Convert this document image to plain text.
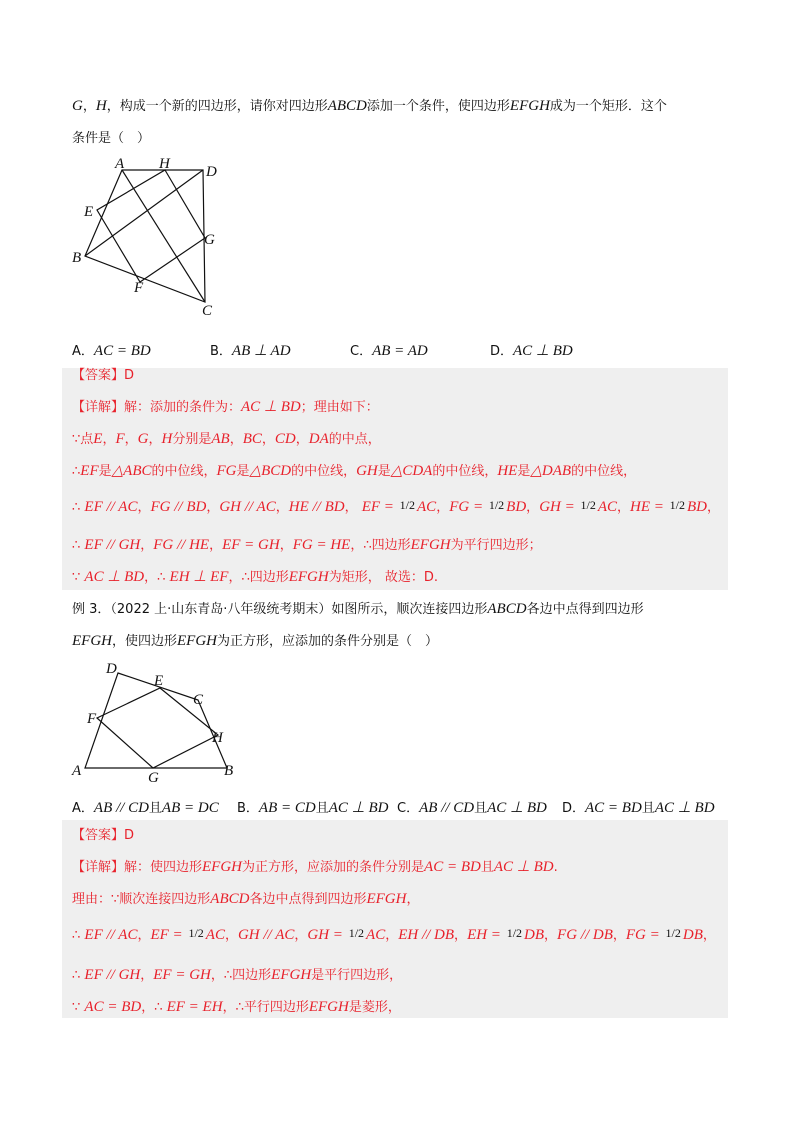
G，H，构成一个新的四边形，请你对四边形ABCD添加一个条件，使四边形EFGH成为一个矩形．这个
条件是（　）
A H D
E
G
B
F
C
A．AC = BD	B．AB ⊥ AD	C．AB = AD	D．AC ⊥ BD
【答案】D
【详解】解：添加的条件为：AC ⊥ BD；理由如下：
∵点E，F，G，H分别是AB，BC，CD，DA的中点，
∴EF是△ABC的中位线，FG是△BCD的中位线，GH是△CDA的中位线，HE是△DAB的中位线，
∴ EF // AC，FG // BD，GH // AC，HE // BD， EF = 1/2 AC，FG = 1/2 BD，GH = 1/2 AC，HE = 1/2 BD，
∴ EF // GH，FG // HE，EF = GH，FG = HE，∴四边形EFGH为平行四边形；
∵ AC ⊥ BD，∴ EH ⊥ EF，∴四边形EFGH为矩形， 故选：D.
例 3．（2022 上·山东青岛·八年级统考期末）如图所示，顺次连接四边形ABCD各边中点得到四边形
EFGH，使四边形EFGH为正方形，应添加的条件分别是（　）
D
E
C
F
H
A	G	B
A．AB // CD且AB = DC B．AB = CD且AC ⊥ BD C．AB // CD且AC ⊥ BD D．AC = BD且AC ⊥ BD
【答案】D
【详解】解：使四边形EFGH为正方形，应添加的条件分别是AC = BD且AC ⊥ BD.
理由：∵顺次连接四边形ABCD各边中点得到四边形EFGH，
∴ EF // AC，EF = 1/2 AC，GH // AC，GH = 1/2 AC，EH // DB，EH = 1/2 DB，FG // DB，FG = 1/2 DB，
∴ EF // GH，EF = GH，∴四边形EFGH是平行四边形，
∵ AC = BD，∴ EF = EH，∴平行四边形EFGH是菱形，
